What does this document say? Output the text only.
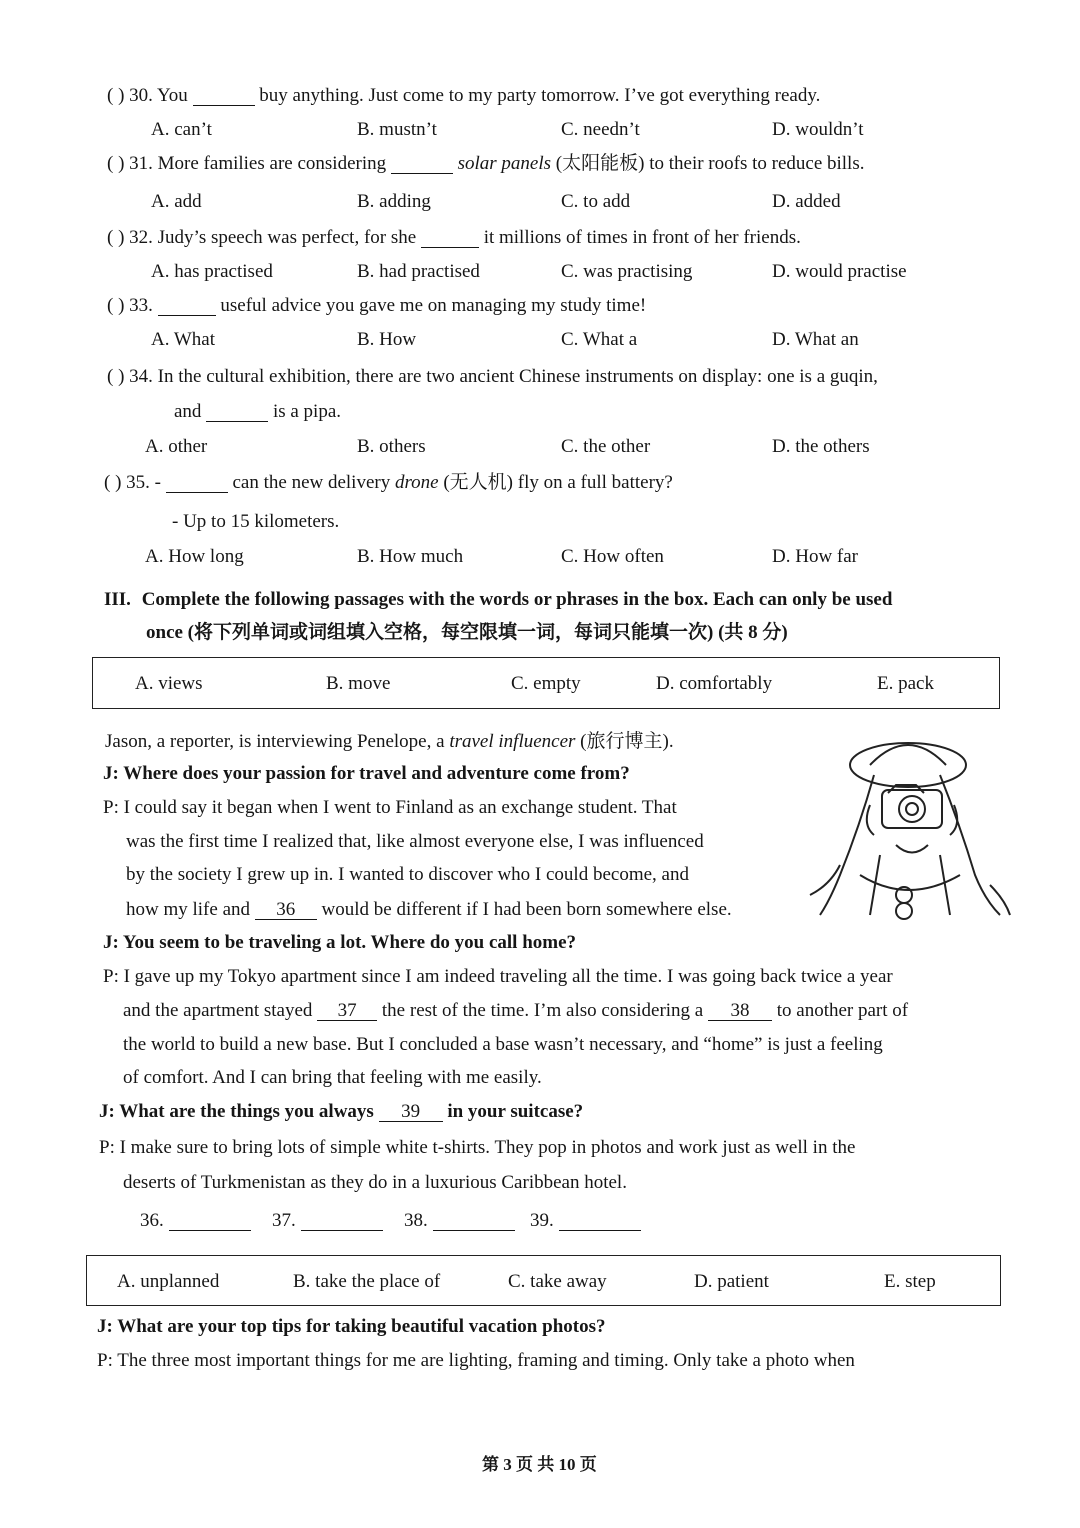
( ) 30. You	buy anything. Just come to my party tomorrow. I’ve got everything ready.
A. can’t	B. mustn’t	C. needn’t	D. wouldn’t
( ) 31. More families are considering	solar panels (太阳能板) to their roofs to reduce bills.
A. add	B. adding	C. to add	D. added
( ) 32. Judy’s speech was perfect, for she	it millions of times in front of her friends.
A. has practised	B. had practised	C. was practising	D. would practise
( ) 33.	useful advice you gave me on managing my study time!
A. What	B. How	C. What a	D. What an
( ) 34. In the cultural exhibition, there are two ancient Chinese instruments on display: one is a guqin,
and	is a pipa.
A. other	B. others	C. the other	D. the others
( ) 35. -	can the new delivery drone (无人机) fly on a full battery?
- Up to 15 kilometers.
A. How long	B. How much	C. How often	D. How far
III. Complete the following passages with the words or phrases in the box. Each can only be used
once (将下列单词或词组填入空格，每空限填一词，每词只能填一次) (共 8 分)
A. views	B. move	C. empty	D. comfortably	E. pack
Jason, a reporter, is interviewing Penelope, a travel influencer (旅行博主).
J: Where does your passion for travel and adventure come from?
P: I could say it began when I went to Finland as an exchange student. That
was the first time I realized that, like almost everyone else, I was influenced
by the society I grew up in. I wanted to discover who I could become, and
how my life and 36 would be different if I had been born somewhere else.
J: You seem to be traveling a lot. Where do you call home?
P: I gave up my Tokyo apartment since I am indeed traveling all the time. I was going back twice a year
and the apartment stayed 37 the rest of the time. I’m also considering a 38 to another part of
the world to build a new base. But I concluded a base wasn’t necessary, and “home” is just a feeling
of comfort. And I can bring that feeling with me easily.
J: What are the things you always 39 in your suitcase?
P: I make sure to bring lots of simple white t-shirts. They pop in photos and work just as well in the
deserts of Turkmenistan as they do in a luxurious Caribbean hotel.
36.	37.	38.	39.
A. unplanned	B. take the place of	C. take away	D. patient	E. step
J: What are your top tips for taking beautiful vacation photos?
P: The three most important things for me are lighting, framing and timing. Only take a photo when
第 3 页 共 10 页
